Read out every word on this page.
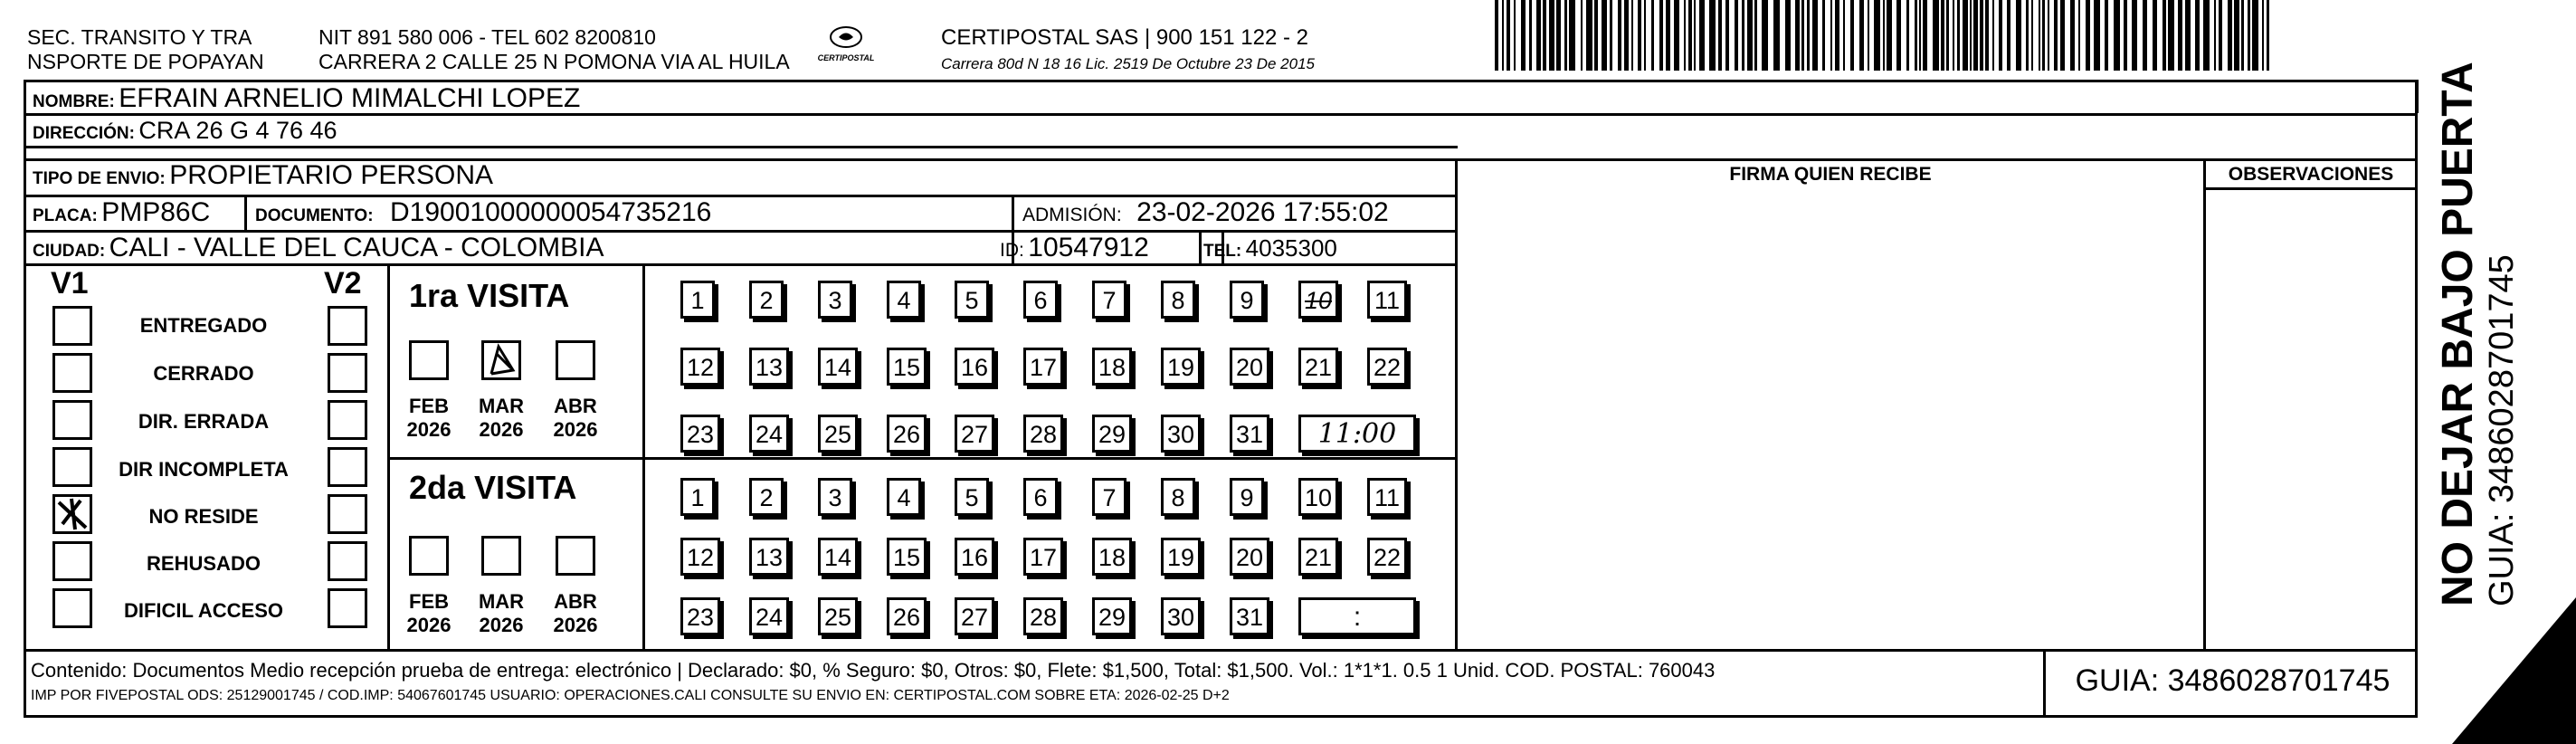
SEC. TRANSITO Y TRA
NSPORTE DE POPAYAN
NIT 891 580 006 - TEL 602 8200810
CARRERA 2 CALLE 25 N POMONA VIA AL HUILA	CERTIPOSTAL
CERTIPOSTAL SAS | 900 151 122 - 2
Carrera 80d N 18 16 Lic. 2519 De Octubre 23 De 2015
NOMBRE: EFRAIN ARNELIO MIMALCHI LOPEZ
DIRECCIÓN: CRA 26 G 4 76 46
TIPO DE ENVIO: PROPIETARIO PERSONA
PLACA: PMP86C	DOCUMENTO: D19001000000054735216	ADMISIÓN: 23-02-2026 17:55:02
CIUDAD: CALI - VALLE DEL CAUCA - COLOMBIA	ID: 10547912	TEL: 4035300
FIRMA QUIEN RECIBE	OBSERVACIONES
V1	V2
ENTREGADO
CERRADO
DIR. ERRADA
DIR INCOMPLETA
NO RESIDE
REHUSADO
DIFICIL ACCESO
1ra VISITA
2da VISITA
FEB
2026
MAR
2026
ABR
2026
FEB
2026
MAR
2026
ABR
2026
1	2	3	4	5	6	7	8	9	10 11
12 13 14 15 16 17 18 19 20 21 22
23 24 25 26 27 28 29 30 31	11:00
1	2	3	4	5	6	7	8	9	10 11
12 13 14 15 16 17 18 19 20 21 22
23 24 25 26 27 28 29 30 31	:
Contenido: Documentos Medio recepción prueba de entrega: electrónico | Declarado: $0, % Seguro: $0, Otros: $0, Flete: $1,500, Total: $1,500. Vol.: 1*1*1. 0.5 1 Unid. COD. POSTAL: 760043
IMP POR FIVEPOSTAL ODS: 25129001745 / COD.IMP: 54067601745 USUARIO: OPERACIONES.CALI CONSULTE SU ENVIO EN: CERTIPOSTAL.COM SOBRE ETA: 2026-02-25 D+2	GUIA: 3486028701745
NO DEJAR BAJO PUERTA GUIA: 3486028701745
